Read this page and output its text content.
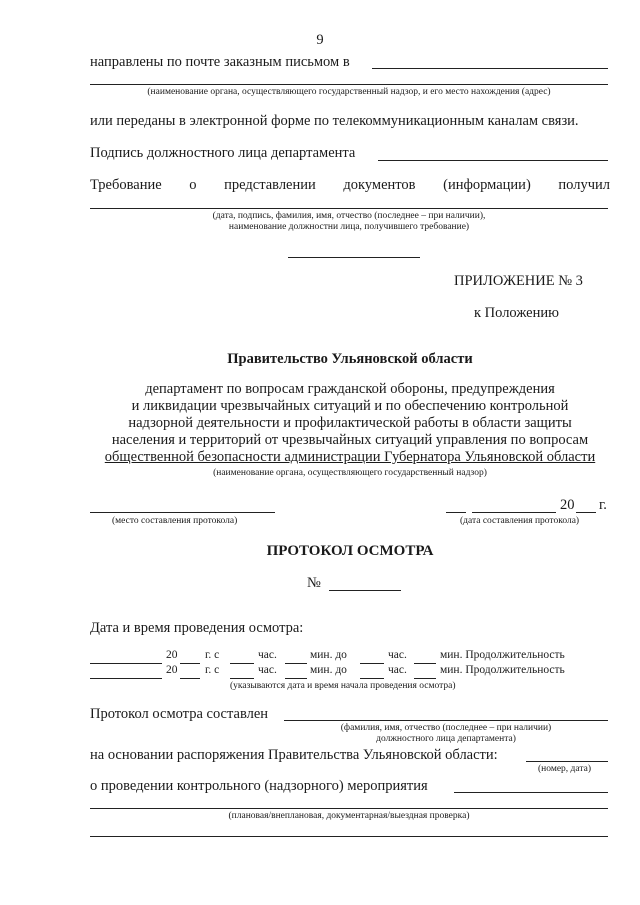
9
направлены по почте заказным письмом в
(наименование органа, осуществляющего государственный надзор, и его место нахождения (адрес)
или переданы в электронной форме по телекоммуникационным каналам связи.
Подпись должностного лица департамента
Требование о представлении документов (информации) получил
(дата, подпись, фамилия, имя, отчество (последнее – при наличии),
наименование должностни лица, получившего требование)
ПРИЛОЖЕНИЕ № 3
к Положению
Правительство Ульяновской области
департамент по вопросам гражданской обороны, предупреждения
и ликвидации чрезвычайных ситуаций и по обеспечению контрольной
надзорной деятельности и профилактической работы в области защиты
населения и территорий от чрезвычайных ситуаций управления по вопросам
общественной безопасности администрации Губернатора Ульяновской области
(наименование органа, осуществляющего государственный надзор)
(место составления протокола)
20 г.
(дата составления протокола)
ПРОТОКОЛ ОСМОТРА
№
Дата и время проведения осмотра:
20 г. с	час.	мин. до	час.	мин. Продолжительность
20 г. с	час.	мин. до	час.	мин. Продолжительность
(указываются дата и время начала проведения осмотра)
Протокол осмотра составлен
(фамилия, имя, отчество (последнее – при наличии)
должностного лица департамента)
на основании распоряжения Правительства Ульяновской области:
(номер, дата)
о проведении контрольного (надзорного) мероприятия
(плановая/внеплановая, документарная/выездная проверка)
